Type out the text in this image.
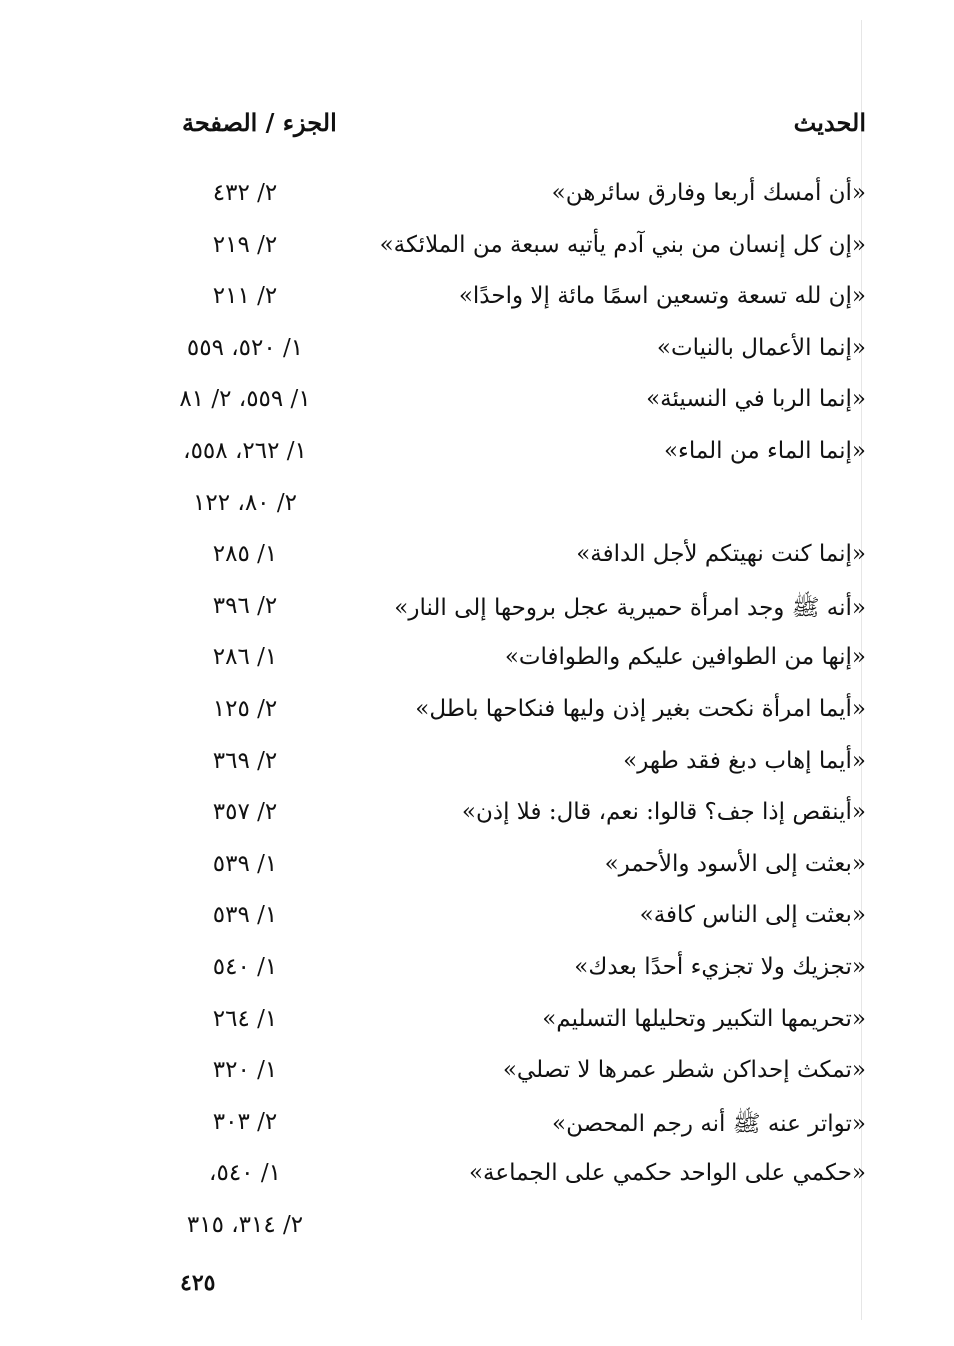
الحديث
الجزء / الصفحة
«أن أمسك أربعا وفارق سائرهن»
٢/ ٤٣٢
«إن كل إنسان من بني آدم يأتيه سبعة من الملائكة»
٢/ ٢١٩
«إن لله تسعة وتسعين اسمًا مائة إلا واحدًا»
٢/ ٢١١
«إنما الأعمال بالنيات»
١/ ٥٢٠، ٥٥٩
«إنما الربا في النسيئة»
١/ ٥٥٩، ٢/ ٨١
«إنما الماء من الماء»
١/ ٢٦٢، ٥٥٨،
٢/ ٨٠، ١٢٢
«إنما كنت نهيتكم لأجل الدافة»
١/ ٢٨٥
«أنه ﷺ وجد امرأة حميرية عجل بروحها إلى النار»
٢/ ٣٩٦
«إنها من الطوافين عليكم والطوافات»
١/ ٢٨٦
«أيما امرأة نكحت بغير إذن وليها فنكاحها باطل»
٢/ ١٢٥
«أيما إهاب دبغ فقد طهر»
٢/ ٣٦٩
«أينقص إذا جف؟ قالوا: نعم، قال: فلا إذن»
٢/ ٣٥٧
«بعثت إلى الأسود والأحمر»
١/ ٥٣٩
«بعثت إلى الناس كافة»
١/ ٥٣٩
«تجزيك ولا تجزيء أحدًا بعدك»
١/ ٥٤٠
«تحريمها التكبير وتحليلها التسليم»
١/ ٢٦٤
«تمكث إحداكن شطر عمرها لا تصلي»
١/ ٣٢٠
«تواتر عنه ﷺ أنه رجم المحصن»
٢/ ٣٠٣
«حكمي على الواحد حكمي على الجماعة»
١/ ٥٤٠،
٢/ ٣١٤، ٣١٥
٤٢٥
